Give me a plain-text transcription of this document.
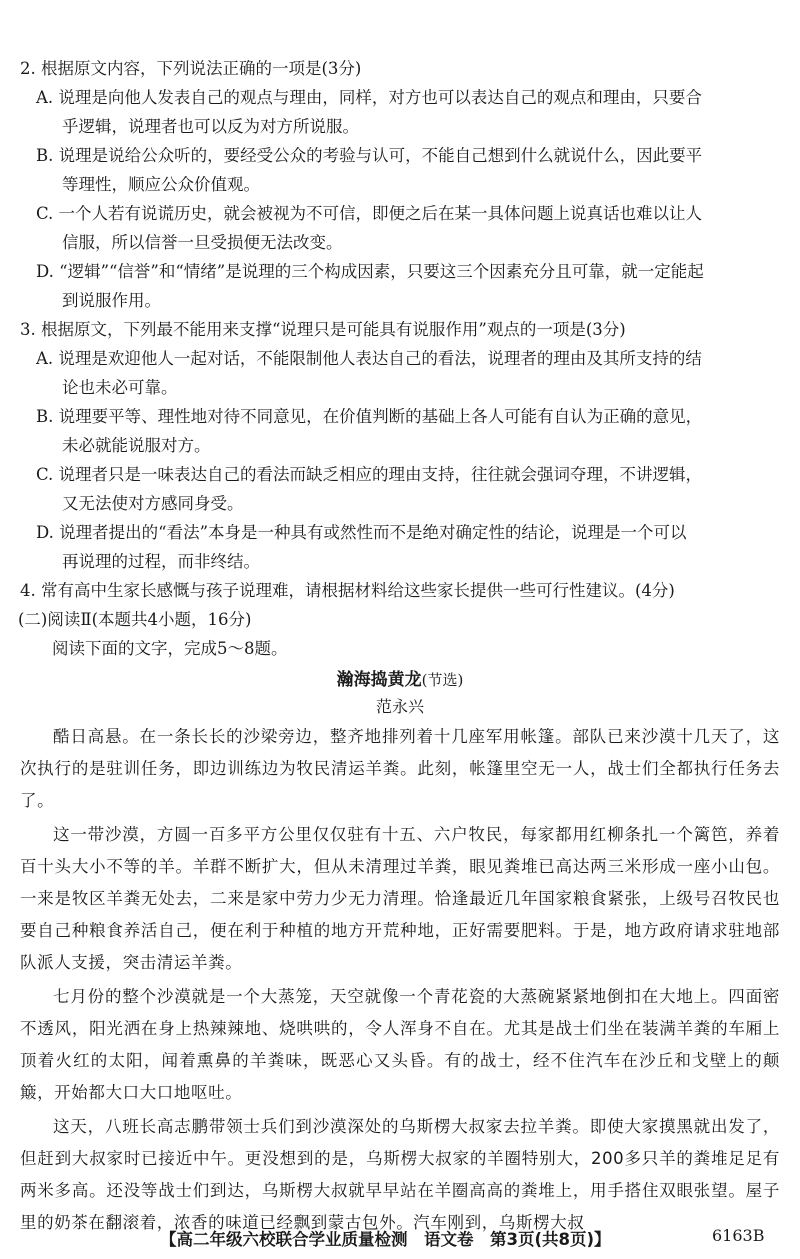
2. 根据原文内容，下列说法正确的一项是(3分)
A. 说理是向他人发表自己的观点与理由，同样，对方也可以表达自己的观点和理由，只要合
乎逻辑，说理者也可以反为对方所说服。
B. 说理是说给公众听的，要经受公众的考验与认可，不能自己想到什么就说什么，因此要平
等理性，顺应公众价值观。
C. 一个人若有说谎历史，就会被视为不可信，即便之后在某一具体问题上说真话也难以让人
信服，所以信誉一旦受损便无法改变。
D. “逻辑”“信誉”和“情绪”是说理的三个构成因素，只要这三个因素充分且可靠，就一定能起
到说服作用。
3. 根据原文，下列最不能用来支撑“说理只是可能具有说服作用”观点的一项是(3分)
A. 说理是欢迎他人一起对话，不能限制他人表达自己的看法，说理者的理由及其所支持的结
论也未必可靠。
B. 说理要平等、理性地对待不同意见，在价值判断的基础上各人可能有自认为正确的意见，
未必就能说服对方。
C. 说理者只是一味表达自己的看法而缺乏相应的理由支持，往往就会强词夺理，不讲逻辑，
又无法使对方感同身受。
D. 说理者提出的“看法”本身是一种具有或然性而不是绝对确定性的结论，说理是一个可以
再说理的过程，而非终结。
4. 常有高中生家长感慨与孩子说理难，请根据材料给这些家长提供一些可行性建议。(4分)
(二)阅读Ⅱ(本题共4小题，16分)
阅读下面的文字，完成5～8题。
瀚海捣黄龙(节选)
范永兴
酷日高悬。在一条长长的沙梁旁边，整齐地排列着十几座军用帐篷。部队已来沙漠十几天了，这次执行的是驻训任务，即边训练边为牧民清运羊粪。此刻，帐篷里空无一人，战士们全都执行任务去了。
这一带沙漠，方圆一百多平方公里仅仅驻有十五、六户牧民，每家都用红柳条扎一个篱笆，养着百十头大小不等的羊。羊群不断扩大，但从未清理过羊粪，眼见粪堆已高达两三米形成一座小山包。一来是牧区羊粪无处去，二来是家中劳力少无力清理。恰逢最近几年国家粮食紧张，上级号召牧民也要自己种粮食养活自己，便在利于种植的地方开荒种地，正好需要肥料。于是，地方政府请求驻地部队派人支援，突击清运羊粪。
七月份的整个沙漠就是一个大蒸笼，天空就像一个青花瓷的大蒸碗紧紧地倒扣在大地上。四面密不透风，阳光洒在身上热辣辣地、烧哄哄的，令人浑身不自在。尤其是战士们坐在装满羊粪的车厢上顶着火红的太阳，闻着熏鼻的羊粪味，既恶心又头昏。有的战士，经不住汽车在沙丘和戈壁上的颠簸，开始都大口大口地呕吐。
这天，八班长高志鹏带领士兵们到沙漠深处的乌斯楞大叔家去拉羊粪。即使大家摸黑就出发了，但赶到大叔家时已接近中午。更没想到的是，乌斯楞大叔家的羊圈特别大，200多只羊的粪堆足足有两米多高。还没等战士们到达，乌斯楞大叔就早早站在羊圈高高的粪堆上，用手搭住双眼张望。屋子里的奶茶在翻滚着，浓香的味道已经飘到蒙古包外。汽车刚到，乌斯楞大叔
【高二年级六校联合学业质量检测　语文卷　第3页(共8页)】	6163B
